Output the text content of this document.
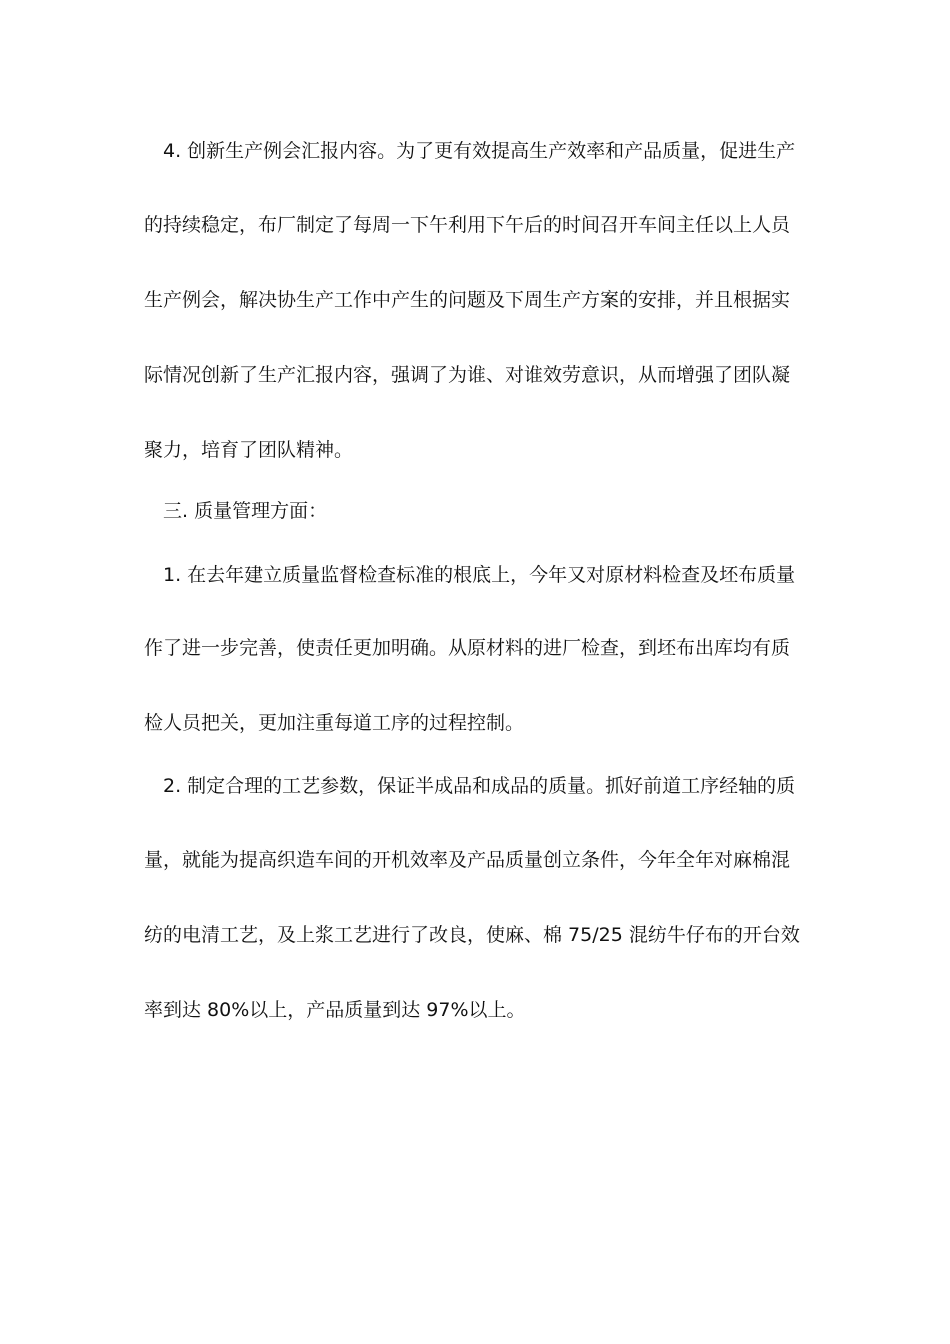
4. 创新生产例会汇报内容。为了更有效提高生产效率和产品质量，促进生产
的持续稳定，布厂制定了每周一下午利用下午后的时间召开车间主任以上人员
生产例会，解决协生产工作中产生的问题及下周生产方案的安排，并且根据实
际情况创新了生产汇报内容，强调了为谁、对谁效劳意识，从而增强了团队凝
聚力，培育了团队精神。
三. 质量管理方面：
1. 在去年建立质量监督检查标准的根底上，今年又对原材料检查及坯布质量
作了进一步完善，使责任更加明确。从原材料的进厂检查，到坯布出库均有质
检人员把关，更加注重每道工序的过程控制。
2. 制定合理的工艺参数，保证半成品和成品的质量。抓好前道工序经轴的质
量，就能为提高织造车间的开机效率及产品质量创立条件，今年全年对麻棉混
纺的电清工艺，及上浆工艺进行了改良，使麻、棉 75/25 混纺牛仔布的开台效
率到达 80%以上，产品质量到达 97%以上。
